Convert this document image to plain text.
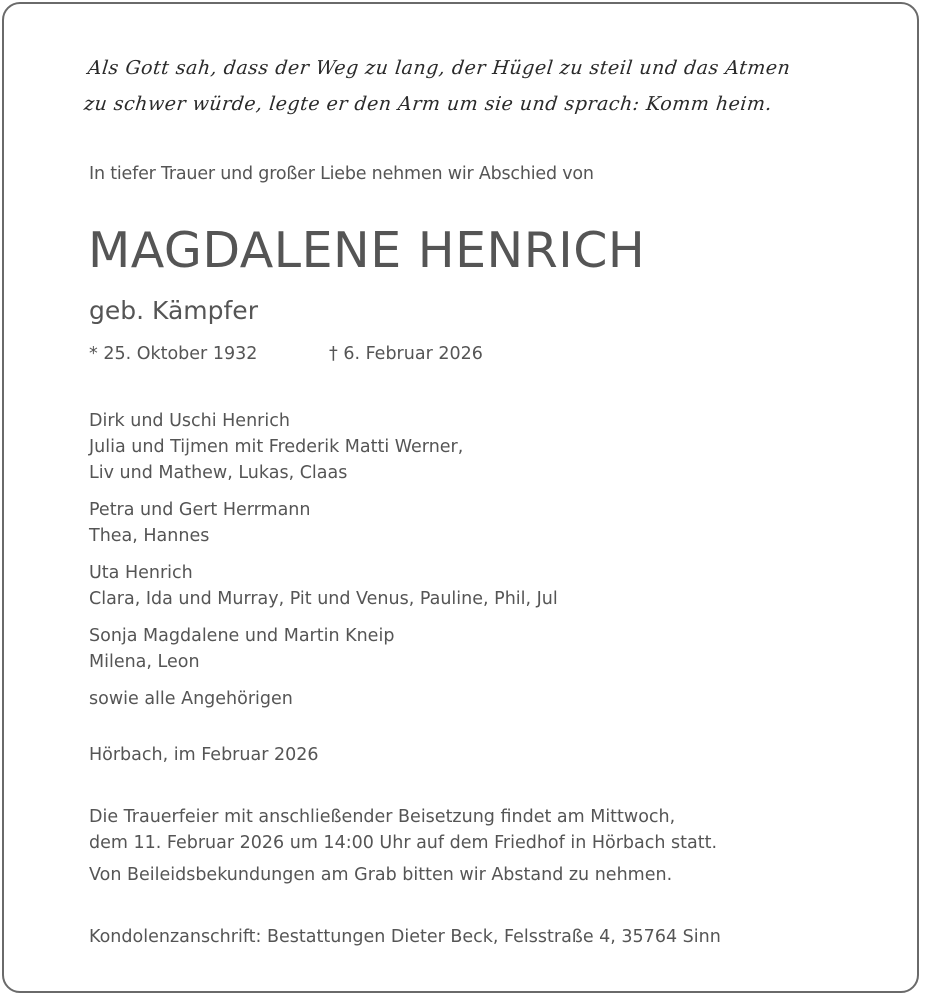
Als Gott sah, dass der Weg zu lang, der Hügel zu steil und das Atmen
zu schwer würde, legte er den Arm um sie und sprach: Komm heim.
In tiefer Trauer und großer Liebe nehmen wir Abschied von
MAGDALENE HENRICH
geb. Kämpfer
* 25. Oktober 1932	† 6. Februar 2026
Dirk und Uschi Henrich
Julia und Tijmen mit Frederik Matti Werner,
Liv und Mathew, Lukas, Claas
Petra und Gert Herrmann
Thea, Hannes
Uta Henrich
Clara, Ida und Murray, Pit und Venus, Pauline, Phil, Jul
Sonja Magdalene und Martin Kneip
Milena, Leon
sowie alle Angehörigen
Hörbach, im Februar 2026
Die Trauerfeier mit anschließender Beisetzung findet am Mittwoch,
dem 11. Februar 2026 um 14:00 Uhr auf dem Friedhof in Hörbach statt.
Von Beileidsbekundungen am Grab bitten wir Abstand zu nehmen.
Kondolenzanschrift: Bestattungen Dieter Beck, Felsstraße 4, 35764 Sinn
